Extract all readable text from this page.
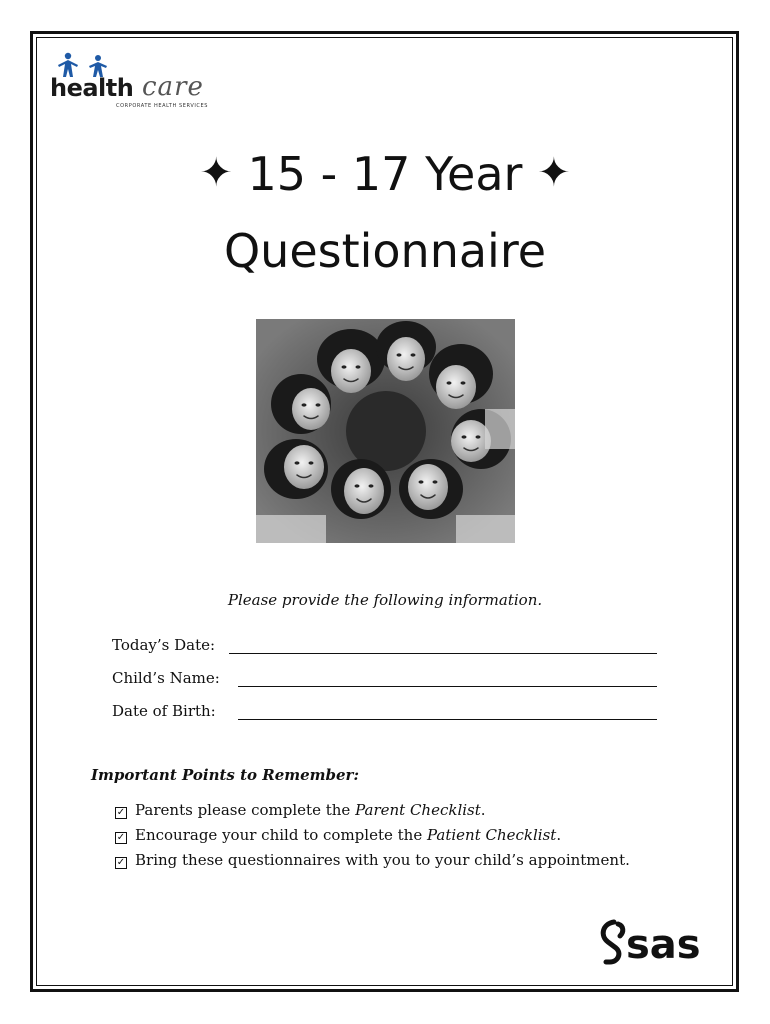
health care
CORPORATE HEALTH SERVICES
✦ 15 - 17 Year ✦
Questionnaire
Please provide the following information.
Today’s Date:
Child’s Name:
Date of Birth:
Important Points to Remember:
✓ Parents please complete the Parent Checklist.
✓ Encourage your child to complete the Patient Checklist.
✓ Bring these questionnaires with you to your child’s appointment.
sas
